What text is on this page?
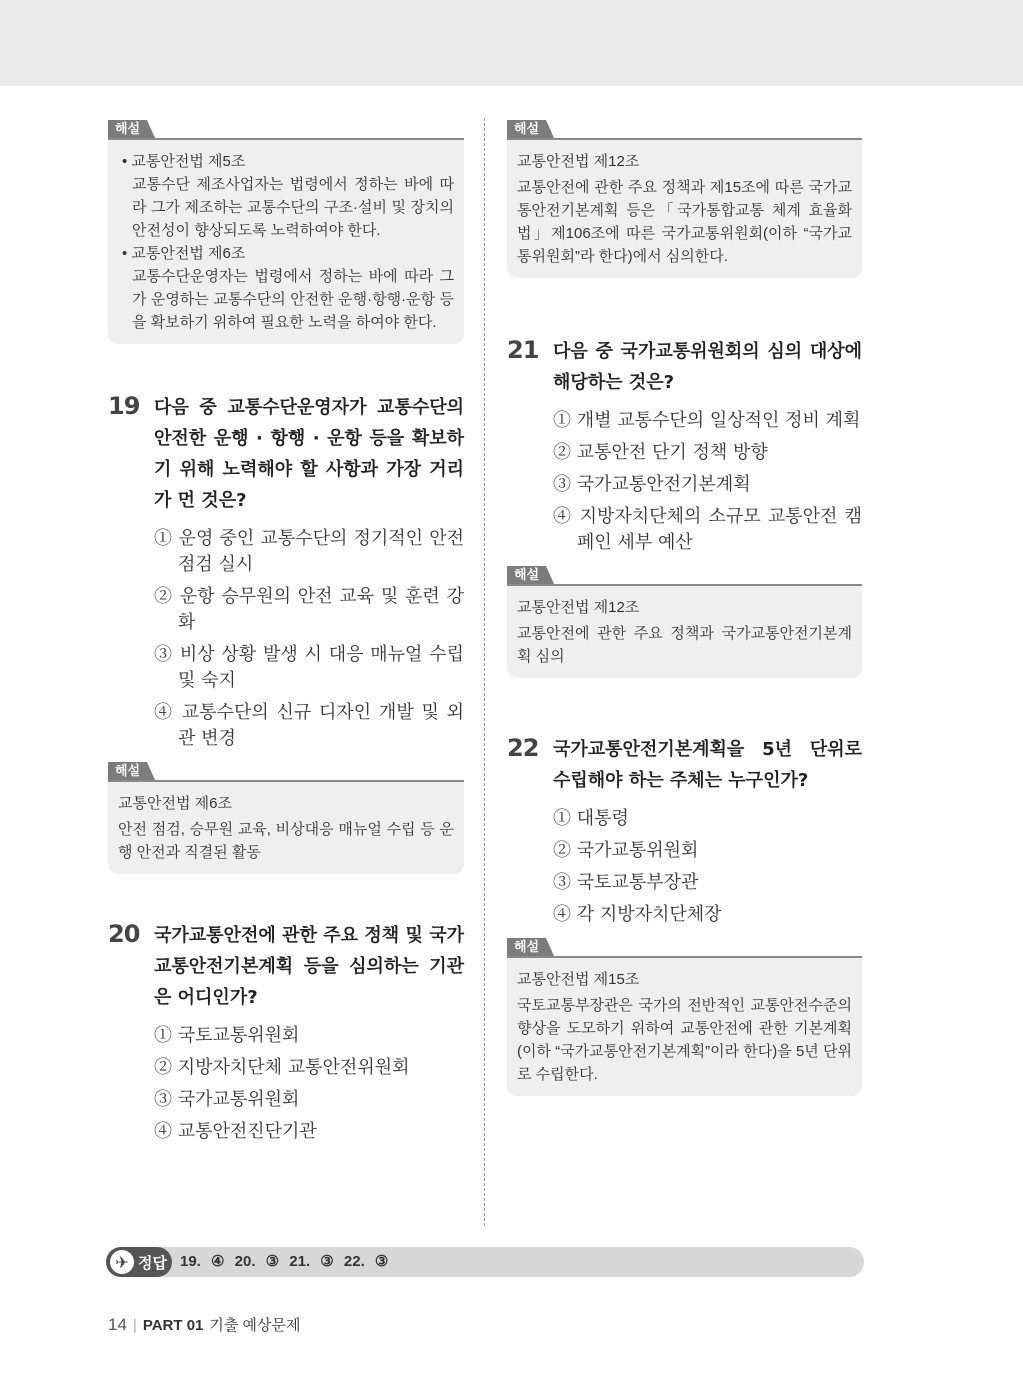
해설

• 교통안전법 제5조

교통수단 제조사업자는 법령에서 정하는 바에 따라 그가 제조하는 교통수단의 구조·설비 및 장치의 안전성이 향상되도록 노력하여야 한다.

• 교통안전법 제6조

교통수단운영자는 법령에서 정하는 바에 따라 그가 운영하는 교통수단의 안전한 운행·항행·운항 등을 확보하기 위하여 필요한 노력을 하여야 한다.

19 다음 중 교통수단운영자가 교통수단의 안전한 운행 · 항행 · 운항 등을 확보하기 위해 노력해야 할 사항과 가장 거리가 먼 것은?

① 운영 중인 교통수단의 정기적인 안전 점검 실시
② 운항 승무원의 안전 교육 및 훈련 강화
③ 비상 상황 발생 시 대응 매뉴얼 수립 및 숙지
④ 교통수단의 신규 디자인 개발 및 외관 변경
해설

교통안전법 제6조

안전 점검, 승무원 교육, 비상대응 매뉴얼 수립 등 운행 안전과 직결된 활동

20 국가교통안전에 관한 주요 정책 및 국가교통안전기본계획 등을 심의하는 기관은 어디인가?

① 국토교통위원회
② 지방자치단체 교통안전위원회
③ 국가교통위원회
④ 교통안전진단기관
해설

교통안전법 제12조

교통안전에 관한 주요 정책과 제15조에 따른 국가교통안전기본계획 등은「국가통합교통 체계 효율화법」제106조에 따른 국가교통위원회(이하 “국가교통위원회”라 한다)에서 심의한다.

21 다음 중 국가교통위원회의 심의 대상에 해당하는 것은?

① 개별 교통수단의 일상적인 정비 계획
② 교통안전 단기 정책 방향
③ 국가교통안전기본계획
④ 지방자치단체의 소규모 교통안전 캠페인 세부 예산
해설

교통안전법 제12조

교통안전에 관한 주요 정책과 국가교통안전기본계획 심의

22 국가교통안전기본계획을 5년 단위로 수립해야 하는 주체는 누구인가?

① 대통령
② 국가교통위원회
③ 국토교통부장관
④ 각 지방자치단체장
해설

교통안전법 제15조

국토교통부장관은 국가의 전반적인 교통안전수준의 향상을 도모하기 위하여 교통안전에 관한 기본계획(이하 “국가교통안전기본계획”이라 한다)을 5년 단위로 수립한다.

✈ 정답 19. ④ 20. ③ 21. ③ 22. ③
14 | PART 01 기출 예상문제
